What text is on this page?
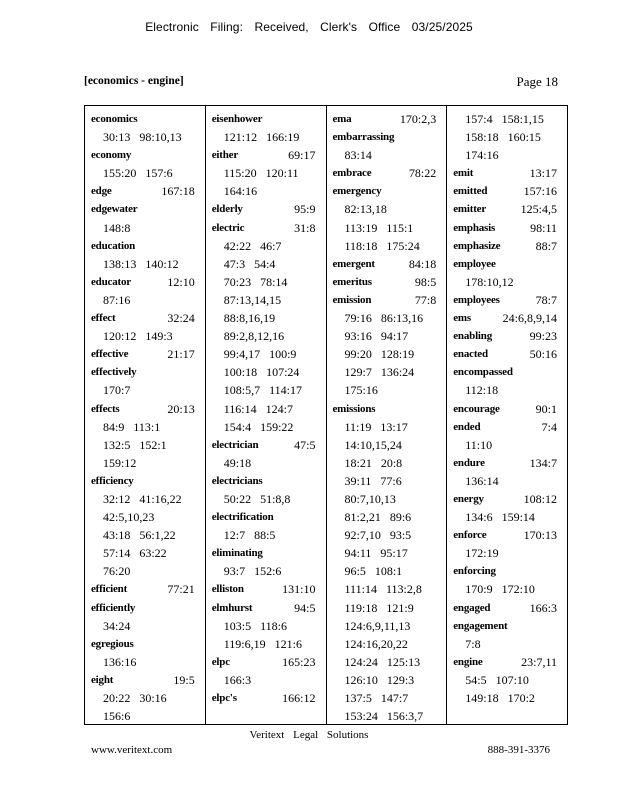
Electronic Filing: Received, Clerk's Office 03/25/2025
[economics - engine]	Page 18
economics
30:13 98:10,13
economy
155:20 157:6
edge	167:18
edgewater
148:8
education
138:13 140:12
educator	12:10
87:16
effect	32:24
120:12 149:3
effective	21:17
effectively
170:7
effects	20:13
84:9 113:1
132:5 152:1
159:12
efficiency
32:12 41:16,22
42:5,10,23
43:18 56:1,22
57:14 63:22
76:20
efficient	77:21
efficiently
34:24
egregious
136:16
eight	19:5
20:22 30:16
156:6
eisenhower
121:12 166:19
either	69:17
115:20 120:11
164:16
elderly	95:9
electric	31:8
42:22 46:7
47:3 54:4
70:23 78:14
87:13,14,15
88:8,16,19
89:2,8,12,16
99:4,17 100:9
100:18 107:24
108:5,7 114:17
116:14 124:7
154:4 159:22
electrician	47:5
49:18
electricians
50:22 51:8,8
electrification
12:7 88:5
eliminating
93:7 152:6
elliston	131:10
elmhurst	94:5
103:5 118:6
119:6,19 121:6
elpc	165:23
166:3
elpc's	166:12
ema	170:2,3
embarrassing
83:14
embrace	78:22
emergency
82:13,18
113:19 115:1
118:18 175:24
emergent	84:18
emeritus	98:5
emission	77:8
79:16 86:13,16
93:16 94:17
99:20 128:19
129:7 136:24
175:16
emissions
11:19 13:17
14:10,15,24
18:21 20:8
39:11 77:6
80:7,10,13
81:2,21 89:6
92:7,10 93:5
94:11 95:17
96:5 108:1
111:14 113:2,8
119:18 121:9
124:6,9,11,13
124:16,20,22
124:24 125:13
126:10 129:3
137:5 147:7
153:24 156:3,7
157:4 158:1,15
158:18 160:15
174:16
emit	13:17
emitted	157:16
emitter	125:4,5
emphasis	98:11
emphasize	88:7
employee
178:10,12
employees	78:7
ems	24:6,8,9,14
enabling	99:23
enacted	50:16
encompassed
112:18
encourage	90:1
ended	7:4
11:10
endure	134:7
136:14
energy	108:12
134:6 159:14
enforce	170:13
172:19
enforcing
170:9 172:10
engaged	166:3
engagement
7:8
engine	23:7,11
54:5 107:10
149:18 170:2
Veritext Legal Solutions
www.veritext.com	888-391-3376
